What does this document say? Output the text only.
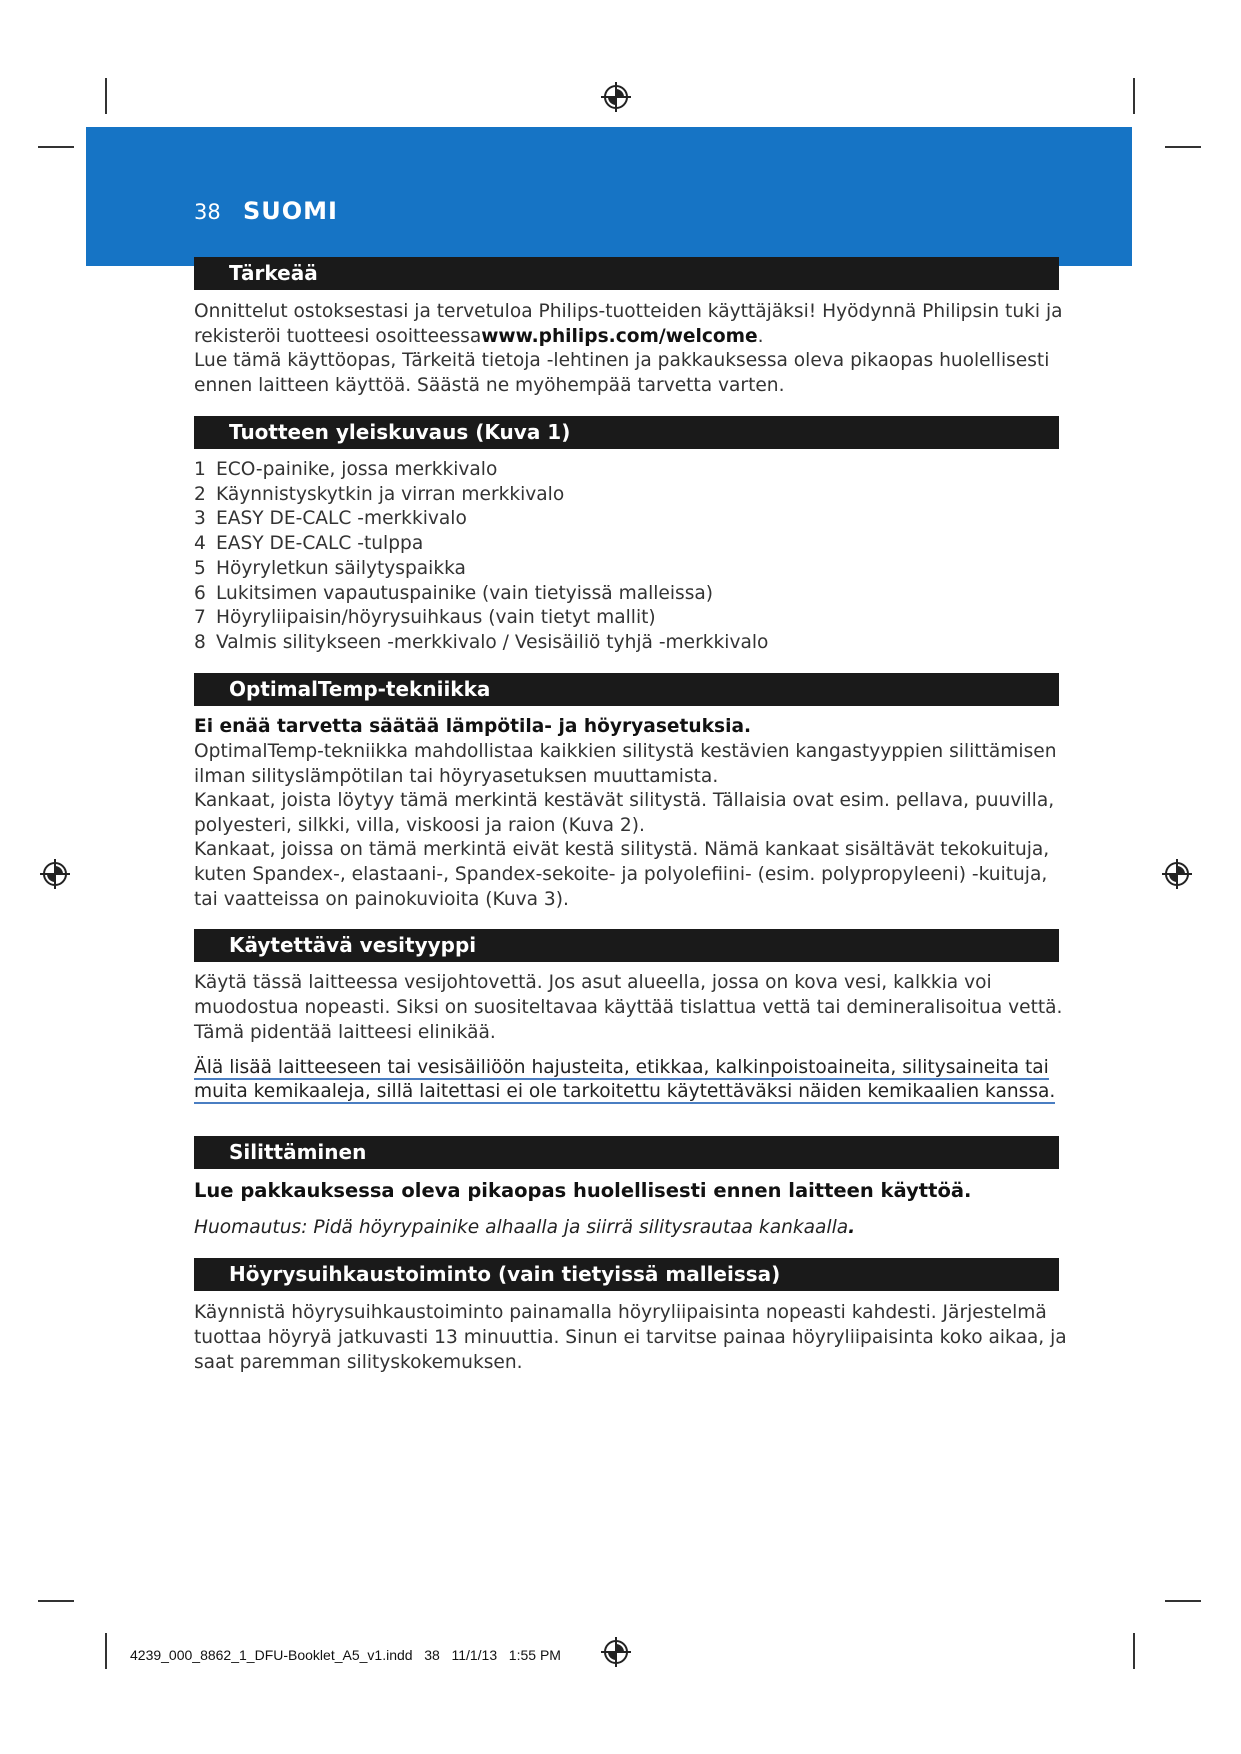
38 SUOMI
Tärkeää

Onnittelut ostoksestasi ja tervetuloa Philips-tuotteiden käyttäjäksi! Hyödynnä Philipsin tuki ja rekisteröi tuotteesi osoitteessawww.philips.com/welcome.

Lue tämä käyttöopas, Tärkeitä tietoja -lehtinen ja pakkauksessa oleva pikaopas huolellisesti ennen laitteen käyttöä. Säästä ne myöhempää tarvetta varten.

Tuotteen yleiskuvaus (Kuva 1)
1 ECO-painike, jossa merkkivalo
2 Käynnistyskytkin ja virran merkkivalo
3 EASY DE-CALC -merkkivalo
4 EASY DE-CALC -tulppa
5 Höyryletkun säilytyspaikka
6 Lukitsimen vapautuspainike (vain tietyissä malleissa)
7 Höyryliipaisin/höyrysuihkaus (vain tietyt mallit)
8 Valmis silitykseen -merkkivalo / Vesisäiliö tyhjä -merkkivalo
OptimalTemp-tekniikka

Ei enää tarvetta säätää lämpötila- ja höyryasetuksia.

OptimalTemp-tekniikka mahdollistaa kaikkien silitystä kestävien kangastyyppien silittämisen ilman silityslämpötilan tai höyryasetuksen muuttamista.

Kankaat, joista löytyy tämä merkintä kestävät silitystä. Tällaisia ovat esim. pellava, puuvilla, polyesteri, silkki, villa, viskoosi ja raion (Kuva 2).

Kankaat, joissa on tämä merkintä eivät kestä silitystä. Nämä kankaat sisältävät tekokuituja, kuten Spandex-, elastaani-, Spandex-sekoite- ja polyolefiini- (esim. polypropyleeni) -kuituja, tai vaatteissa on painokuvioita (Kuva 3).

Käytettävä vesityyppi

Käytä tässä laitteessa vesijohtovettä. Jos asut alueella, jossa on kova vesi, kalkkia voi muodostua nopeasti. Siksi on suositeltavaa käyttää tislattua vettä tai demineralisoitua vettä. Tämä pidentää laitteesi elinikää.

Älä lisää laitteeseen tai vesisäiliöön hajusteita, etikkaa, kalkinpoistoaineita, silitysaineita tai muita kemikaaleja, sillä laitettasi ei ole tarkoitettu käytettäväksi näiden kemikaalien kanssa.
Silittäminen

Lue pakkauksessa oleva pikaopas huolellisesti ennen laitteen käyttöä.

Huomautus: Pidä höyrypainike alhaalla ja siirrä silitysrautaa kankaalla.

Höyrysuihkaustoiminto (vain tietyissä malleissa)

Käynnistä höyrysuihkaustoiminto painamalla höyryliipaisinta nopeasti kahdesti. Järjestelmä tuottaa höyryä jatkuvasti 13 minuuttia. Sinun ei tarvitse painaa höyryliipaisinta koko aikaa, ja saat paremman silityskokemuksen.

4239_000_8862_1_DFU-Booklet_A5_v1.indd   38   11/1/13   1:55 PM
